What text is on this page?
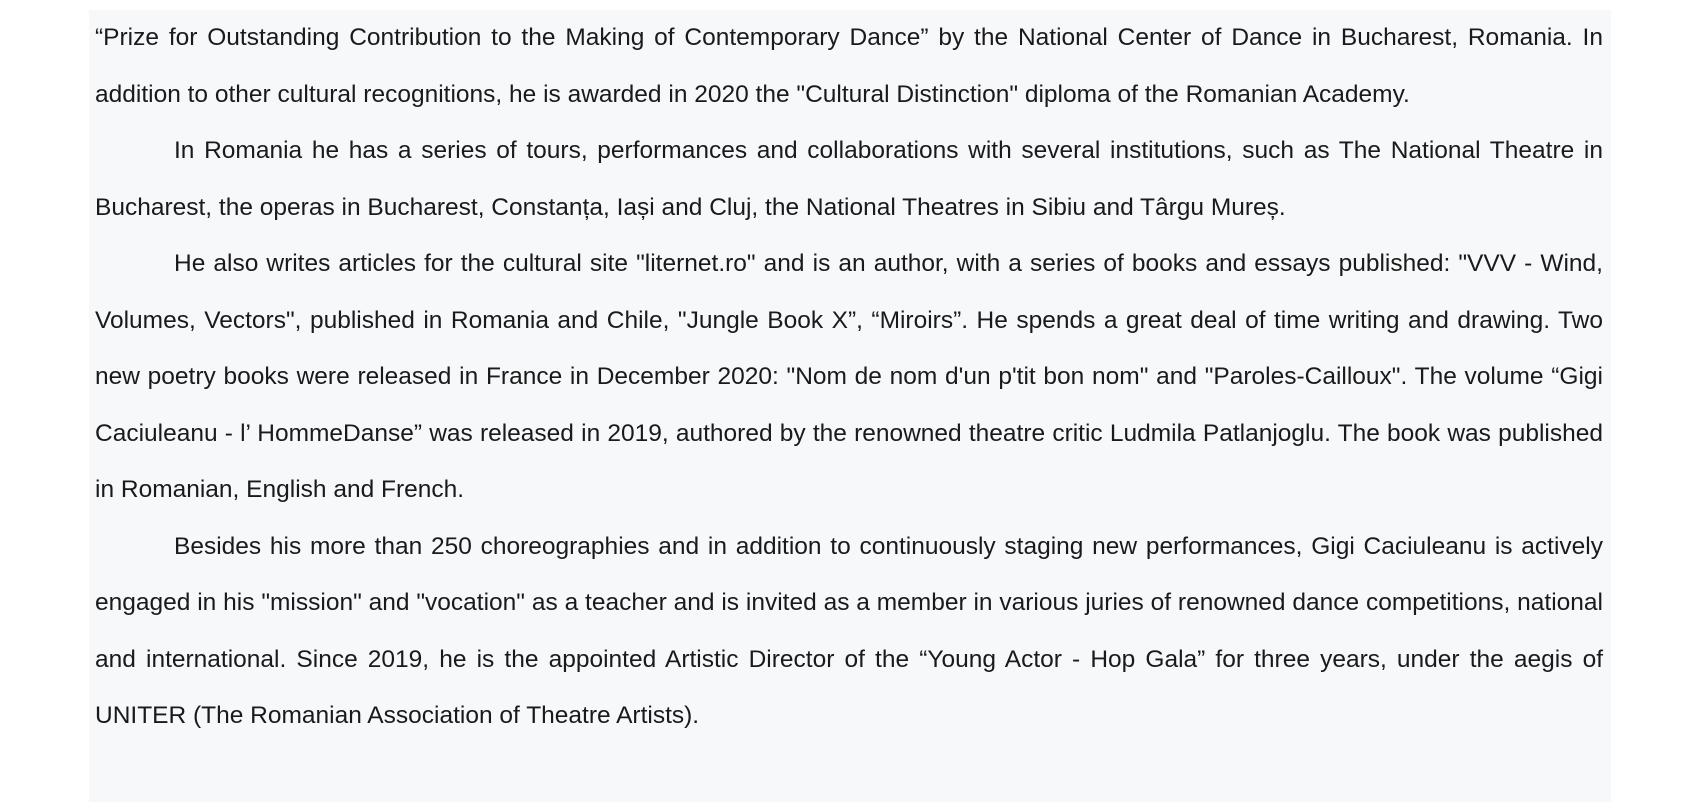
“Prize for Outstanding Contribution to the Making of Contemporary Dance” by the National Center of Dance in Bucharest, Romania. In addition to other cultural recognitions, he is awarded in 2020 the "Cultural Distinction" diploma of the Romanian Academy.

In Romania he has a series of tours, performances and collaborations with several institutions, such as The National Theatre in Bucharest, the operas in Bucharest, Constanța, Iași and Cluj, the National Theatres in Sibiu and Târgu Mureș.

He also writes articles for the cultural site "liternet.ro" and is an author, with a series of books and essays published: "VVV - Wind, Volumes, Vectors", published in Romania and Chile, "Jungle Book X”, “Miroirs”. He spends a great deal of time writing and drawing. Two new poetry books were released in France in December 2020: "Nom de nom d'un p'tit bon nom" and "Paroles-Cailloux". The volume “Gigi Caciuleanu - l’ HommeDanse” was released in 2019, authored by the renowned theatre critic Ludmila Patlanjoglu. The book was published in Romanian, English and French.

Besides his more than 250 choreographies and in addition to continuously staging new performances, Gigi Caciuleanu is actively engaged in his "mission" and "vocation" as a teacher and is invited as a member in various juries of renowned dance competitions, national and international. Since 2019, he is the appointed Artistic Director of the “Young Actor - Hop Gala” for three years, under the aegis of UNITER (The Romanian Association of Theatre Artists).
